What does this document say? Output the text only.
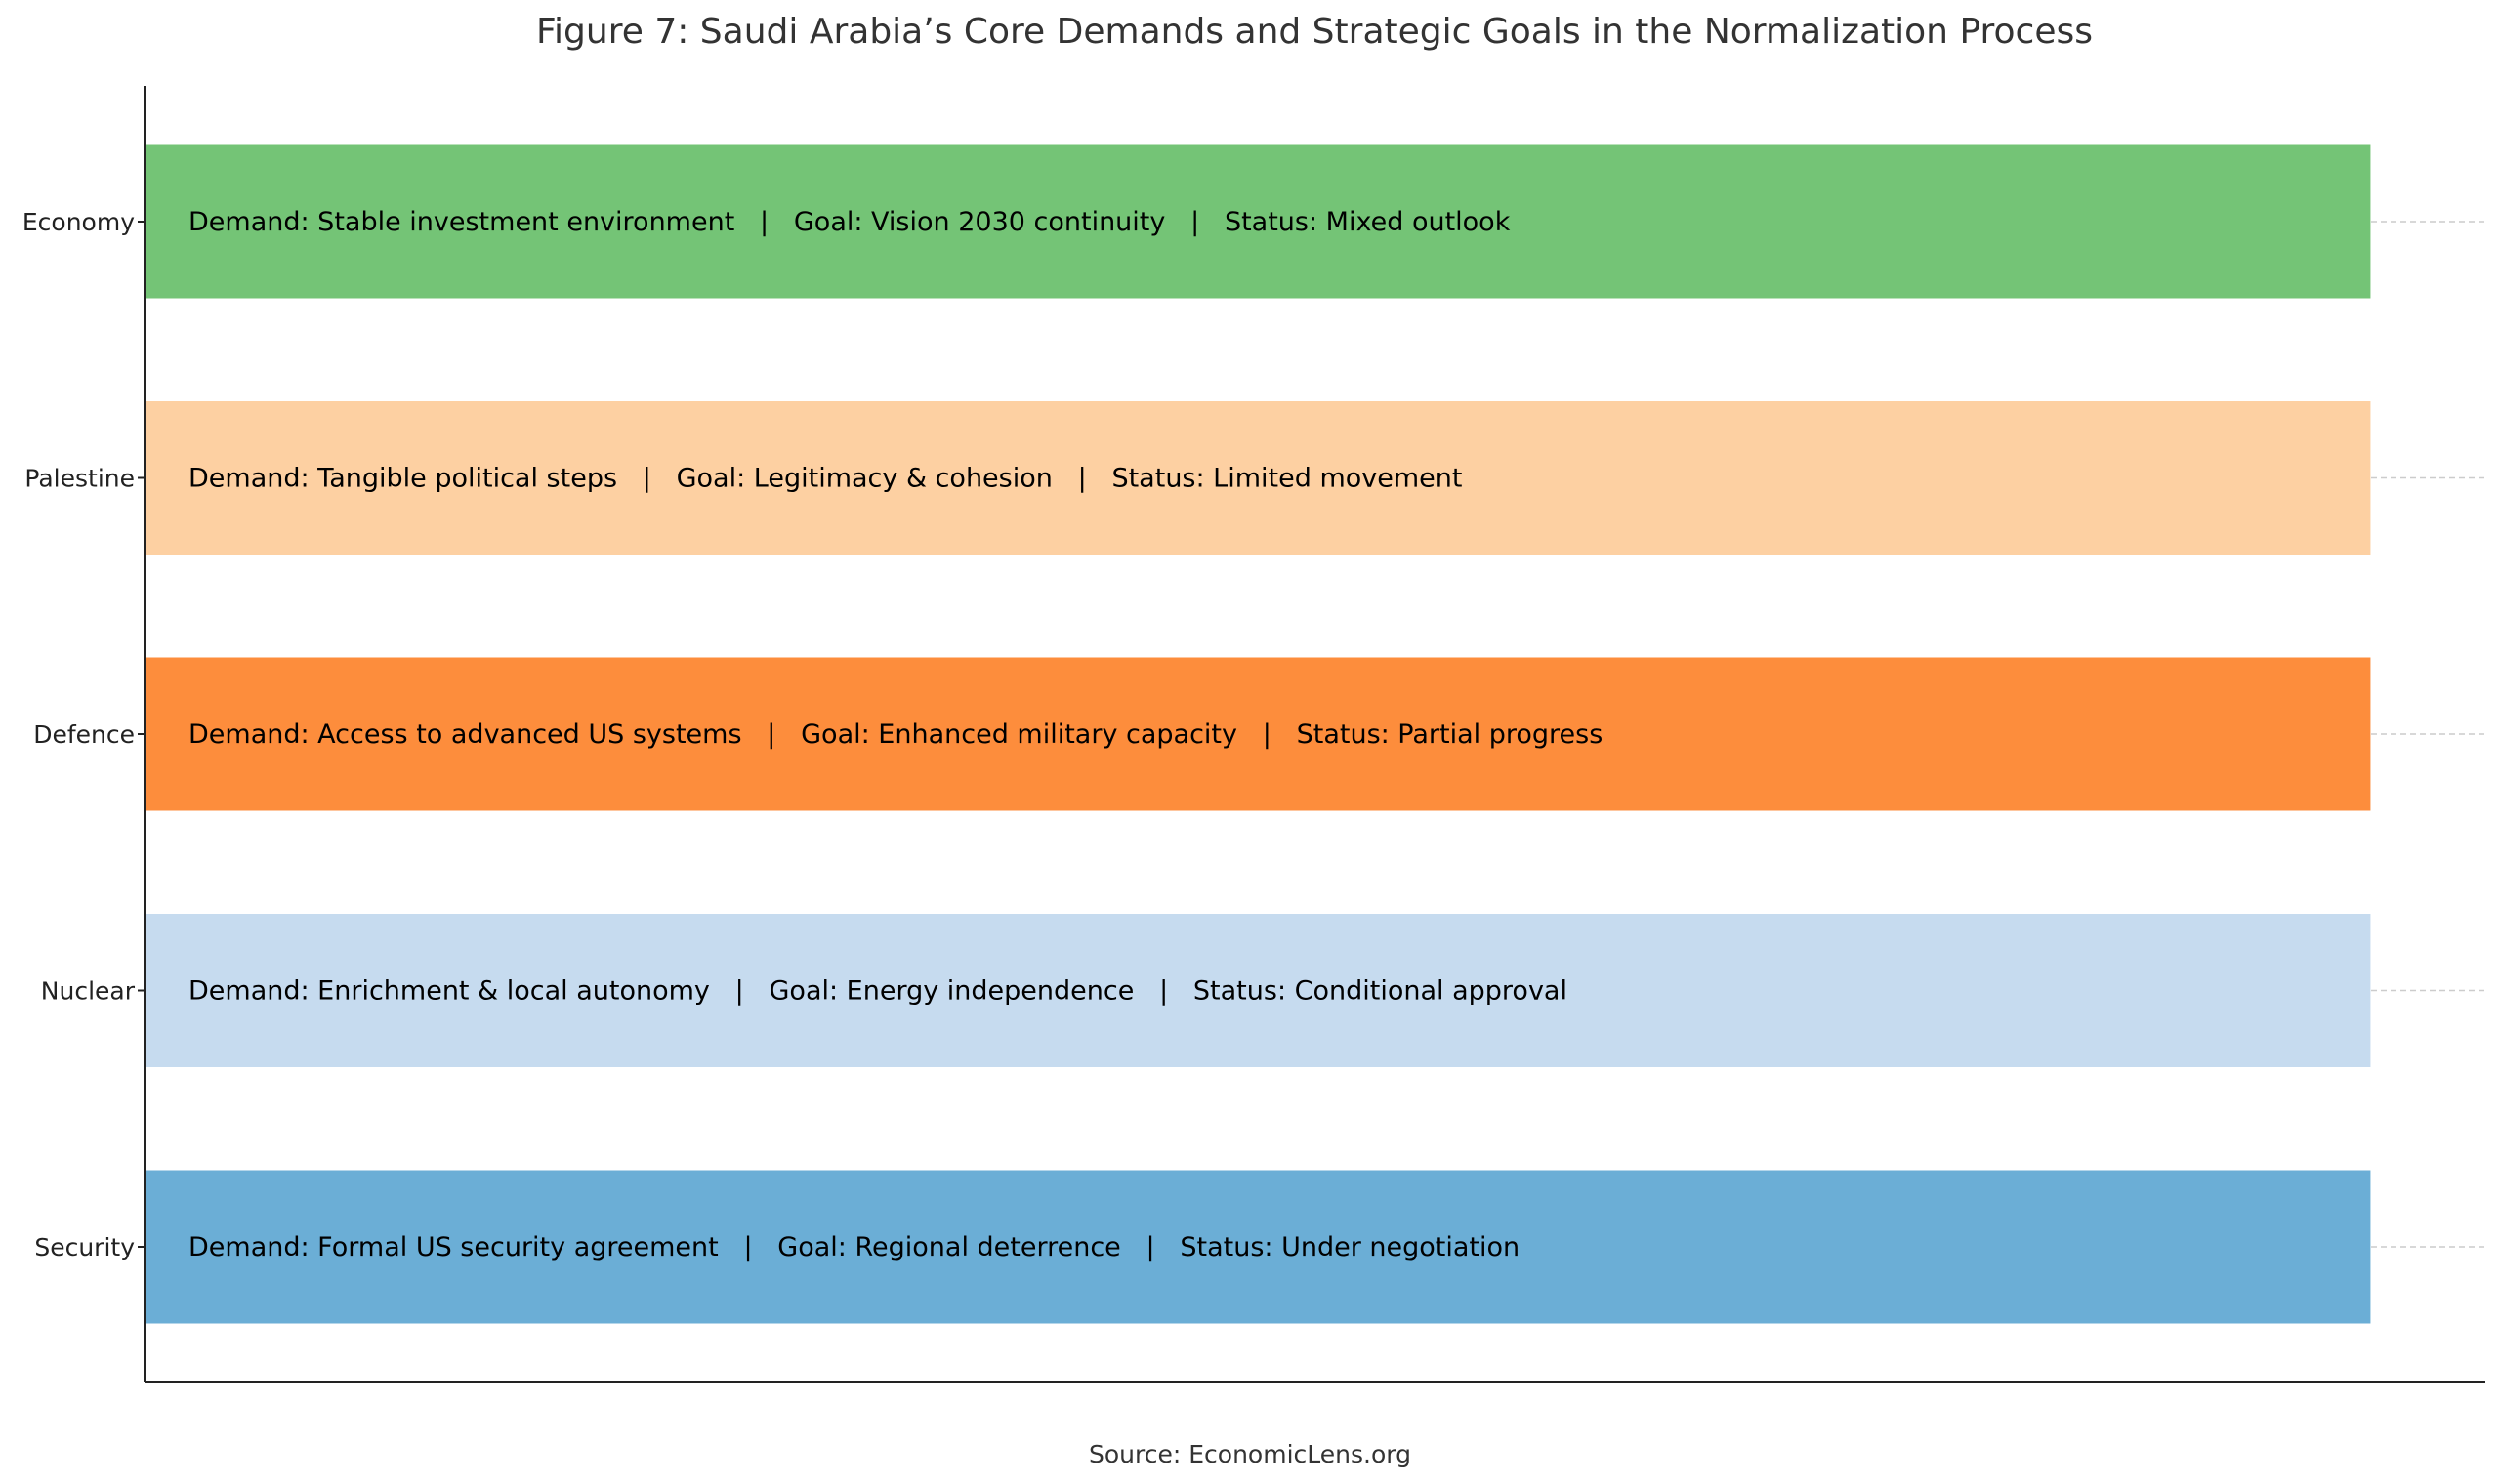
Figure 7: Saudi Arabia’s Core Demands and Strategic Goals in the Normalization Process
Demand: Stable investment environment   |   Goal: Vision 2030 continuity   |   Status: Mixed outlook
Demand: Tangible political steps   |   Goal: Legitimacy & cohesion   |   Status: Limited movement
Demand: Access to advanced US systems   |   Goal: Enhanced military capacity   |   Status: Partial progress
Demand: Enrichment & local autonomy   |   Goal: Energy independence   |   Status: Conditional approval
Demand: Formal US security agreement   |   Goal: Regional deterrence   |   Status: Under negotiation
Economy
Palestine
Defence
Nuclear
Security
Source: EconomicLens.org
